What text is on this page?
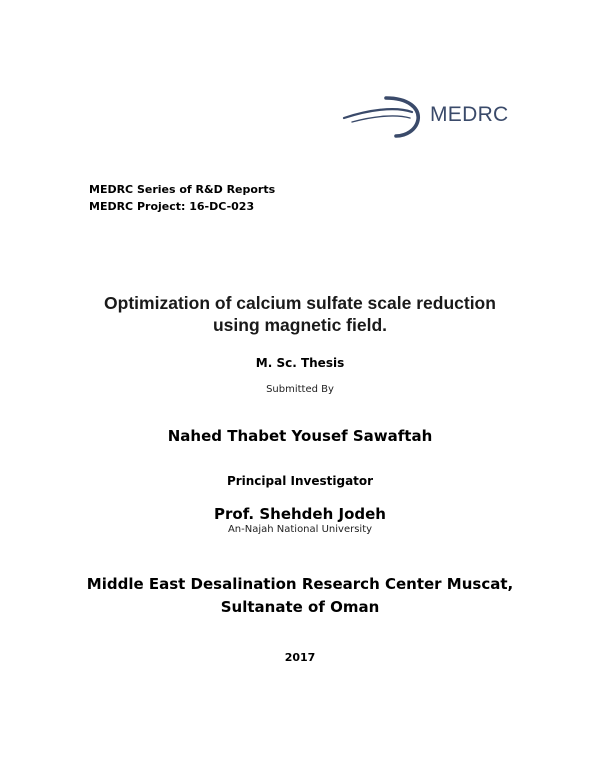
MEDRC
MEDRC Series of R&D Reports
MEDRC Project: 16-DC-023
Optimization of calcium sulfate scale reduction
using magnetic field.
M. Sc. Thesis
Submitted By
Nahed Thabet Yousef Sawaftah
Principal Investigator
Prof. Shehdeh Jodeh
An-Najah National University
Middle East Desalination Research Center Muscat,
Sultanate of Oman
2017
